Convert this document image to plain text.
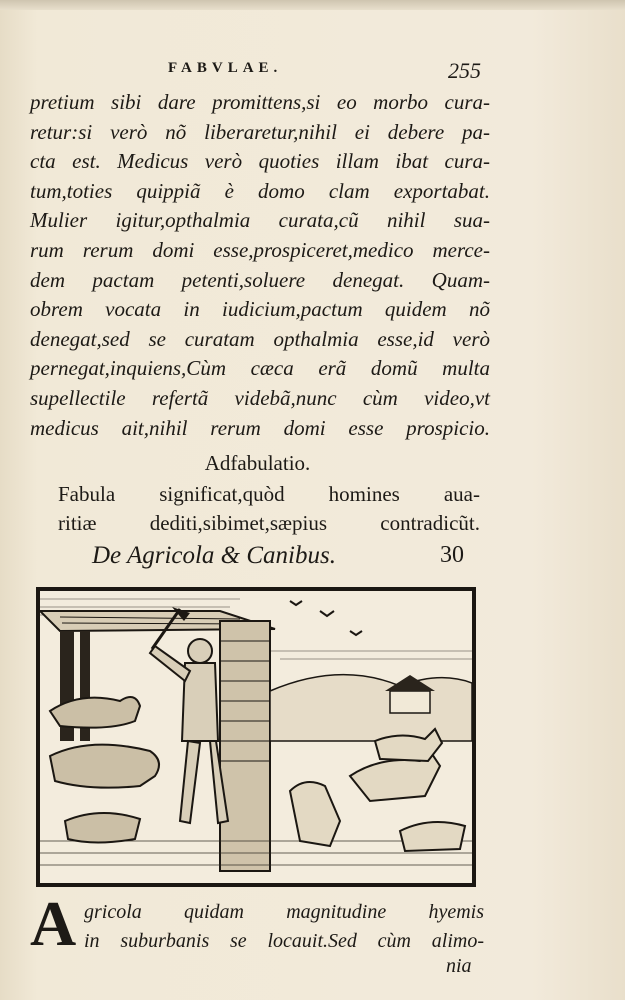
FABVLAE.	255
pretium sibi dare promittens,si eo morbo cura-
retur:si verò nõ liberaretur,nihil ei debere pa-
cta est. Medicus verò quoties illam ibat cura-
tum,toties quippiã è domo clam exportabat.
Mulier igitur,opthalmia curata,cũ nihil sua-
rum rerum domi esse,prospiceret,medico merce-
dem pactam petenti,soluere denegat. Quam-
obrem vocata in iudicium,pactum quidem nõ
denegat,sed se curatam opthalmia esse,id verò
pernegat,inquiens,Cùm cæca erã domũ multa
supellectile refertã videbã,nunc cùm video,vt
medicus ait,nihil rerum domi esse prospicio.
Adfabulatio.
Fabula significat,quòd homines aua-
ritiæ dediti,sibimet,sæpius contradicũt.
De Agricola & Canibus.	30
A gricola quidam magnitudine hyemis
in suburbanis se locauit.Sed cùm alimo-
nia
